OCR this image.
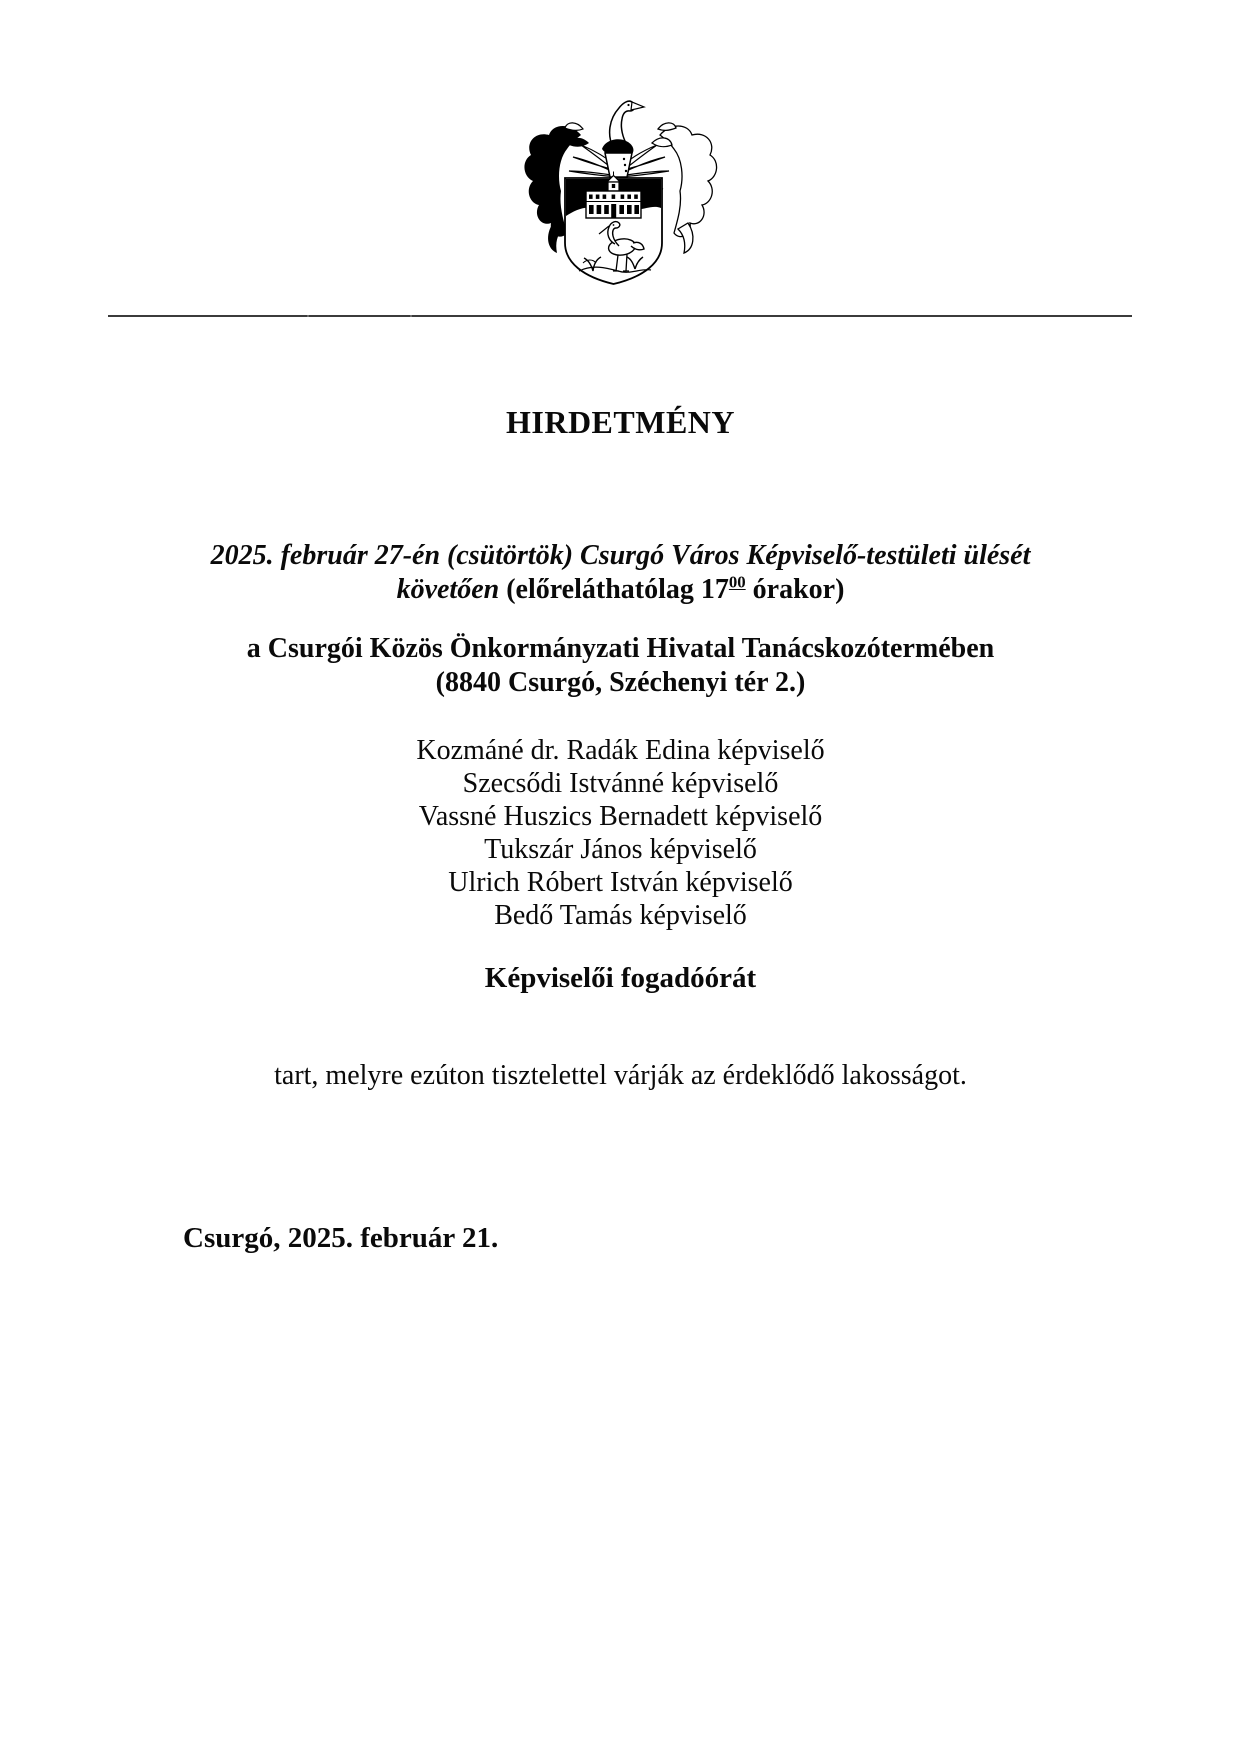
HIRDETMÉNY
2025. február 27-én (csütörtök) Csurgó Város Képviselő-testületi ülését
követően (előreláthatólag $17^{00}$ órakor)
a Csurgói Közös Önkormányzati Hivatal Tanácskozótermében
(8840 Csurgó, Széchenyi tér 2.)
Kozmáné dr. Radák Edina képviselő
Szecsődi Istvánné képviselő
Vassné Huszics Bernadett képviselő
Tukszár János képviselő
Ulrich Róbert István képviselő
Bedő Tamás képviselő
Képviselői fogadóórát
tart, melyre ezúton tisztelettel várják az érdeklődő lakosságot.
Csurgó, 2025. február 21.
